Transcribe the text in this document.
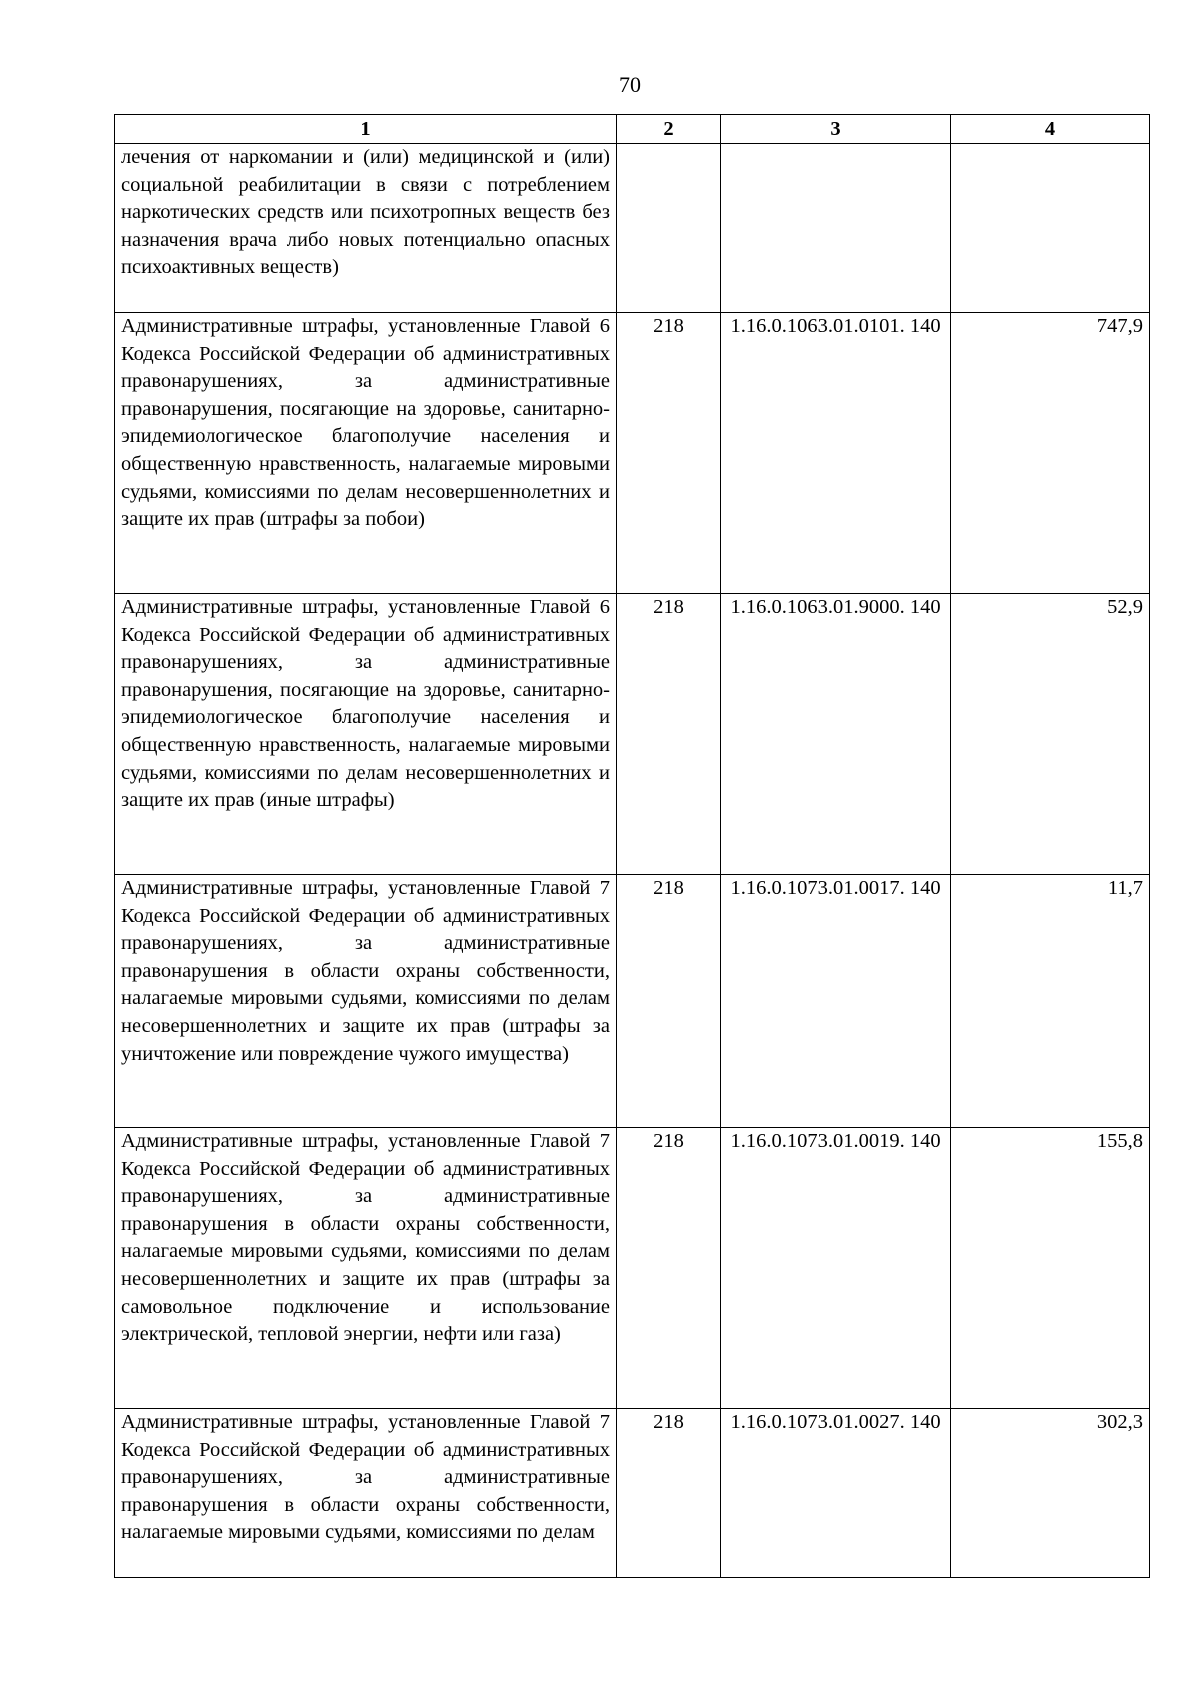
70
1	2	3	4
лечения от наркомании и (или) медицинской и (или) социальной реабилитации в связи с потреблением наркотических средств или психотропных веществ без назначения врача либо новых потенциально опасных психоактивных веществ)			
Административные штрафы, установленные Главой 6 Кодекса Российской Федерации об административных правонарушениях, за административные правонарушения, посягающие на здоровье, санитарно-эпидемиологическое благополучие населения и общественную нравственность, налагаемые мировыми судьями, комиссиями по делам несовершеннолетних и защите их прав (штрафы за побои)	218	1.16.0.1063.01.0101. 140	747,9
Административные штрафы, установленные Главой 6 Кодекса Российской Федерации об административных правонарушениях, за административные правонарушения, посягающие на здоровье, санитарно-эпидемиологическое благополучие населения и общественную нравственность, налагаемые мировыми судьями, комиссиями по делам несовершеннолетних и защите их прав (иные штрафы)	218	1.16.0.1063.01.9000. 140	52,9
Административные штрафы, установленные Главой 7 Кодекса Российской Федерации об административных правонарушениях, за административные правонарушения в области охраны собственности, налагаемые мировыми судьями, комиссиями по делам несовершеннолетних и защите их прав (штрафы за уничтожение или повреждение чужого имущества)	218	1.16.0.1073.01.0017. 140	11,7
Административные штрафы, установленные Главой 7 Кодекса Российской Федерации об административных правонарушениях, за административные правонарушения в области охраны собственности, налагаемые мировыми судьями, комиссиями по делам несовершеннолетних и защите их прав (штрафы за самовольное подключение и использование электрической, тепловой энергии, нефти или газа)	218	1.16.0.1073.01.0019. 140	155,8
Административные штрафы, установленные Главой 7 Кодекса Российской Федерации об административных правонарушениях, за административные правонарушения в области охраны собственности, налагаемые мировыми судьями, комиссиями по делам	218	1.16.0.1073.01.0027. 140	302,3
